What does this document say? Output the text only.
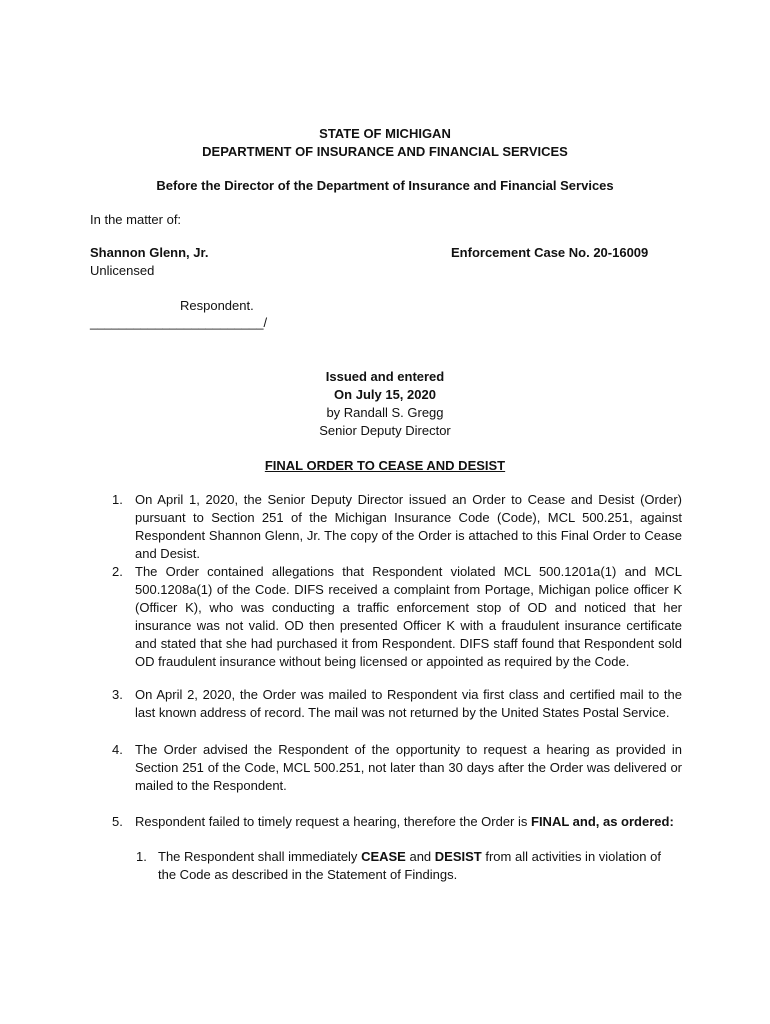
STATE OF MICHIGAN
DEPARTMENT OF INSURANCE AND FINANCIAL SERVICES
Before the Director of the Department of Insurance and Financial Services
In the matter of:
Shannon Glenn, Jr.	Enforcement Case No. 20-16009
Unlicensed
Respondent.
________________________/
Issued and entered
On July 15, 2020
by Randall S. Gregg
Senior Deputy Director
FINAL ORDER TO CEASE AND DESIST
1. On April 1, 2020, the Senior Deputy Director issued an Order to Cease and Desist (Order) pursuant to Section 251 of the Michigan Insurance Code (Code), MCL 500.251, against Respondent Shannon Glenn, Jr. The copy of the Order is attached to this Final Order to Cease and Desist.
2. The Order contained allegations that Respondent violated MCL 500.1201a(1) and MCL 500.1208a(1) of the Code. DIFS received a complaint from Portage, Michigan police officer K (Officer K), who was conducting a traffic enforcement stop of OD and noticed that her insurance was not valid. OD then presented Officer K with a fraudulent insurance certificate and stated that she had purchased it from Respondent. DIFS staff found that Respondent sold OD fraudulent insurance without being licensed or appointed as required by the Code.
3. On April 2, 2020, the Order was mailed to Respondent via first class and certified mail to the last known address of record. The mail was not returned by the United States Postal Service.
4. The Order advised the Respondent of the opportunity to request a hearing as provided in Section 251 of the Code, MCL 500.251, not later than 30 days after the Order was delivered or mailed to the Respondent.
5. Respondent failed to timely request a hearing, therefore the Order is FINAL and, as ordered:
1. The Respondent shall immediately CEASE and DESIST from all activities in violation of the Code as described in the Statement of Findings.
